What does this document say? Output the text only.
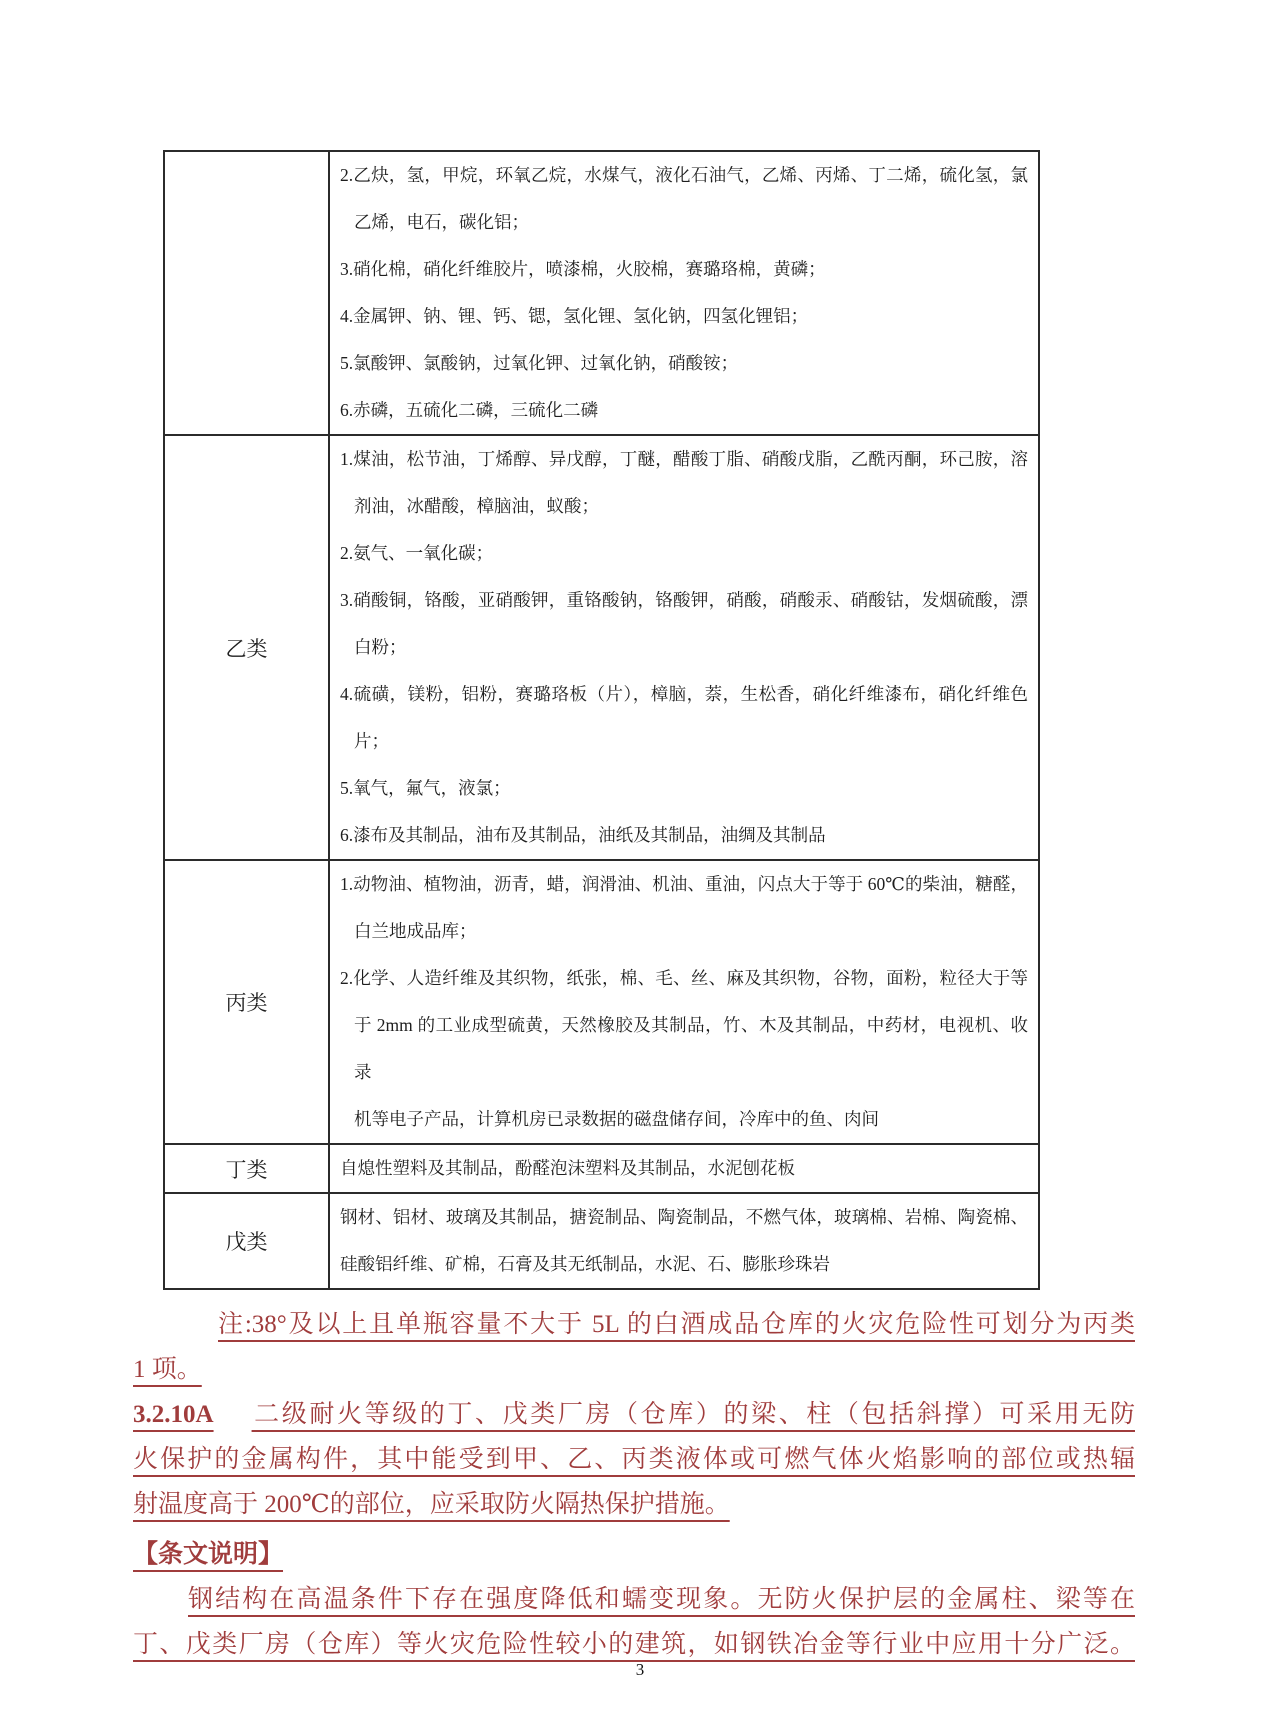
2.乙炔，氢，甲烷，环氧乙烷，水煤气，液化石油气，乙烯、丙烯、丁二烯，硫化氢，氯
乙烯，电石，碳化铝；
3.硝化棉，硝化纤维胶片，喷漆棉，火胶棉，赛璐珞棉，黄磷；
4.金属钾、钠、锂、钙、锶，氢化锂、氢化钠，四氢化锂铝；
5.氯酸钾、氯酸钠，过氧化钾、过氧化钠，硝酸铵；
6.赤磷，五硫化二磷，三硫化二磷
乙类
1.煤油，松节油，丁烯醇、异戊醇，丁醚，醋酸丁脂、硝酸戊脂，乙酰丙酮，环己胺，溶
剂油，冰醋酸，樟脑油，蚁酸；
2.氨气、一氧化碳；
3.硝酸铜，铬酸，亚硝酸钾，重铬酸钠，铬酸钾，硝酸，硝酸汞、硝酸钴，发烟硫酸，漂
白粉；
4.硫磺，镁粉，铝粉，赛璐珞板（片），樟脑，萘，生松香，硝化纤维漆布，硝化纤维色
片；
5.氧气，氟气，液氯；
6.漆布及其制品，油布及其制品，油纸及其制品，油绸及其制品
丙类
1.动物油、植物油，沥青，蜡，润滑油、机油、重油，闪点大于等于 60℃的柴油，糖醛，
白兰地成品库；
2.化学、人造纤维及其织物，纸张，棉、毛、丝、麻及其织物，谷物，面粉，粒径大于等
于 2mm 的工业成型硫黄，天然橡胶及其制品，竹、木及其制品，中药材，电视机、收录
机等电子产品，计算机房已录数据的磁盘储存间，冷库中的鱼、肉间
丁类	自熄性塑料及其制品，酚醛泡沫塑料及其制品，水泥刨花板
戊类
钢材、铝材、玻璃及其制品，搪瓷制品、陶瓷制品，不燃气体，玻璃棉、岩棉、陶瓷棉、
硅酸铝纤维、矿棉，石膏及其无纸制品，水泥、石、膨胀珍珠岩
注:38°及以上且单瓶容量不大于 5L 的白酒成品仓库的火灾危险性可划分为丙类
1 项。
3.2.10A 二级耐火等级的丁、戊类厂房（仓库）的梁、柱（包括斜撑）可采用无防
火保护的金属构件，其中能受到甲、乙、丙类液体或可燃气体火焰影响的部位或热辐
射温度高于 200℃的部位，应采取防火隔热保护措施。
【条文说明】
钢结构在高温条件下存在强度降低和蠕变现象。无防火保护层的金属柱、梁等在
丁、戊类厂房（仓库）等火灾危险性较小的建筑，如钢铁冶金等行业中应用十分广泛。
3
